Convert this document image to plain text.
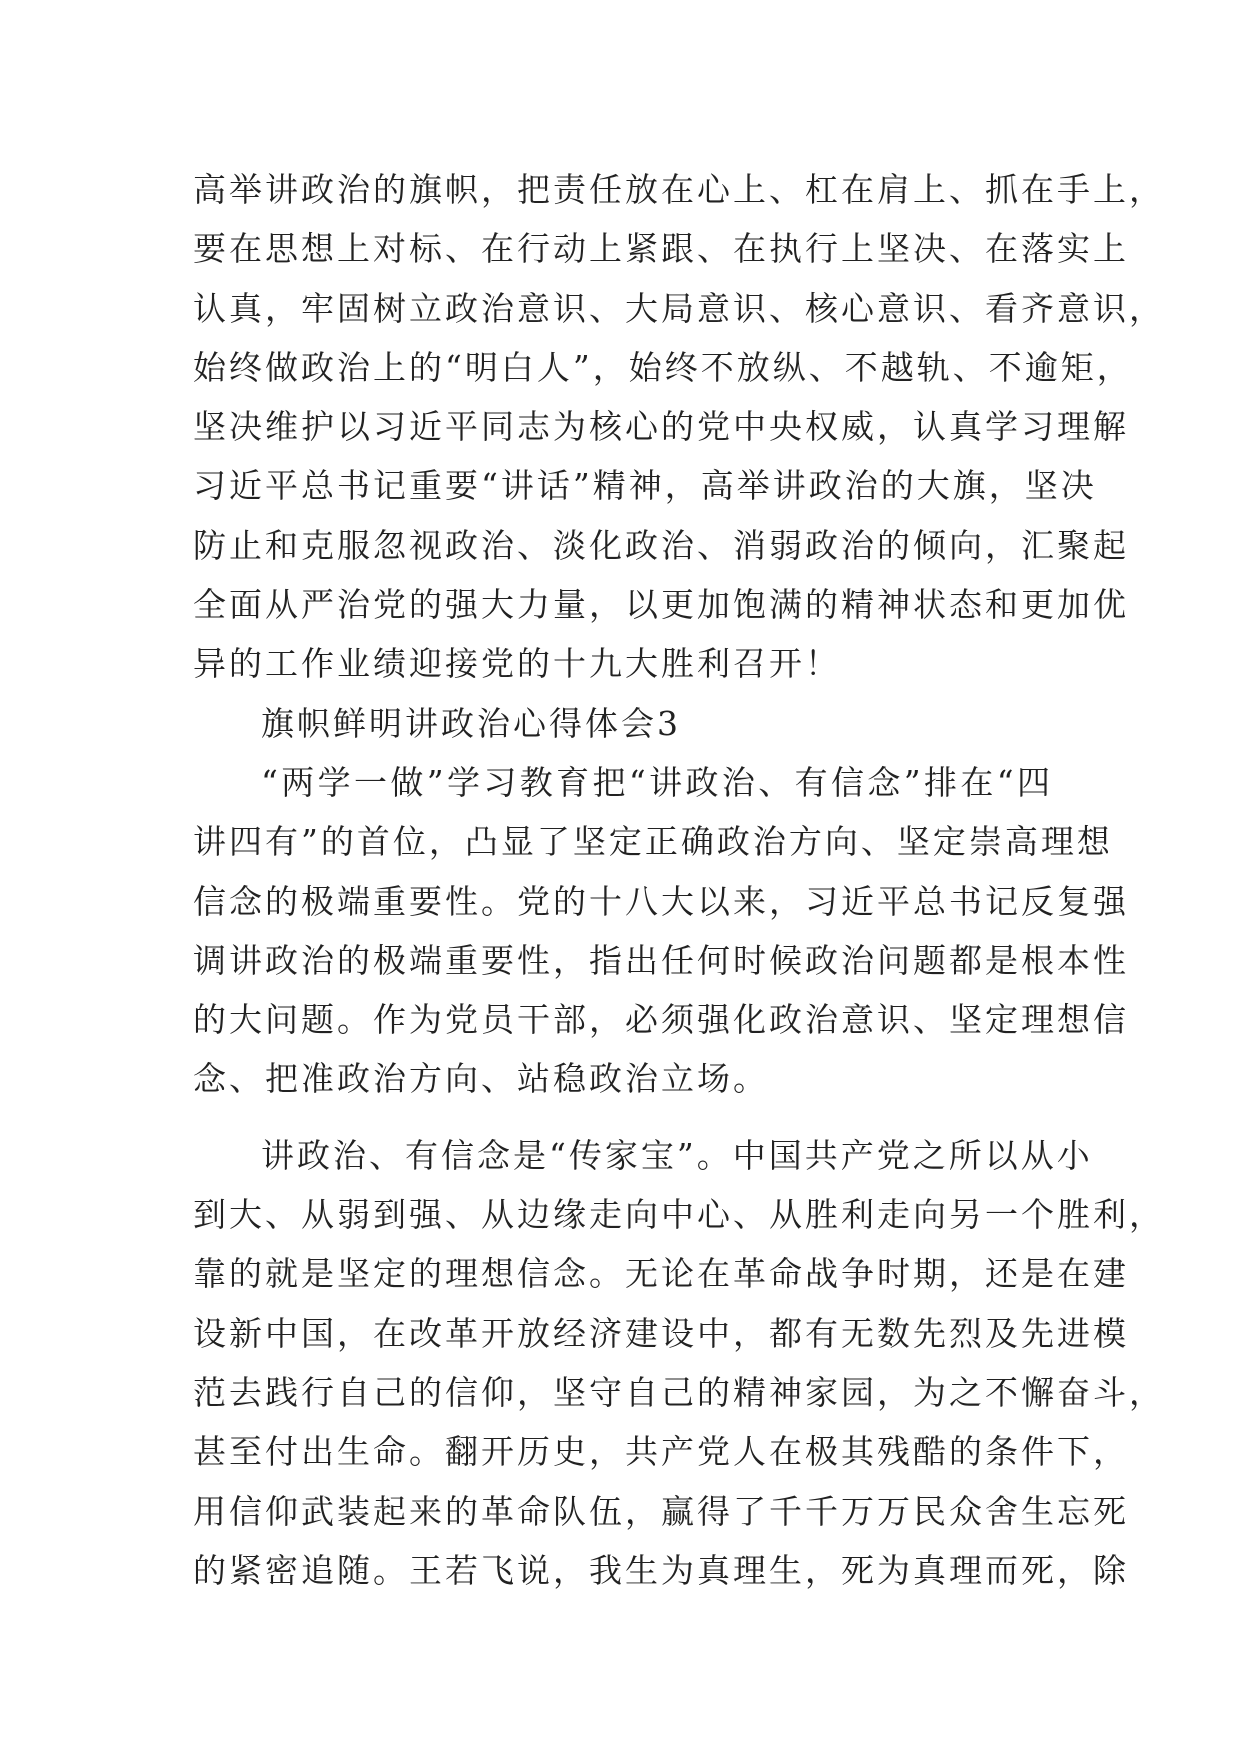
高举讲政治的旗帜，把责任放在心上、杠在肩上、抓在手上，
要在思想上对标、在行动上紧跟、在执行上坚决、在落实上
认真，牢固树立政治意识、大局意识、核心意识、看齐意识，
始终做政治上的“明白人”，始终不放纵、不越轨、不逾矩，
坚决维护以习近平同志为核心的党中央权威，认真学习理解
习近平总书记重要“讲话”精神，高举讲政治的大旗，坚决
防止和克服忽视政治、淡化政治、消弱政治的倾向，汇聚起
全面从严治党的强大力量，以更加饱满的精神状态和更加优
异的工作业绩迎接党的十九大胜利召开！
旗帜鲜明讲政治心得体会3
“两学一做”学习教育把“讲政治、有信念”排在“四
讲四有”的首位，凸显了坚定正确政治方向、坚定崇高理想
信念的极端重要性。党的十八大以来，习近平总书记反复强
调讲政治的极端重要性，指出任何时候政治问题都是根本性
的大问题。作为党员干部，必须强化政治意识、坚定理想信
念、把准政治方向、站稳政治立场。
讲政治、有信念是“传家宝”。中国共产党之所以从小
到大、从弱到强、从边缘走向中心、从胜利走向另一个胜利，
靠的就是坚定的理想信念。无论在革命战争时期，还是在建
设新中国，在改革开放经济建设中，都有无数先烈及先进模
范去践行自己的信仰，坚守自己的精神家园，为之不懈奋斗，
甚至付出生命。翻开历史，共产党人在极其残酷的条件下，
用信仰武装起来的革命队伍，赢得了千千万万民众舍生忘死
的紧密追随。王若飞说，我生为真理生，死为真理而死，除
